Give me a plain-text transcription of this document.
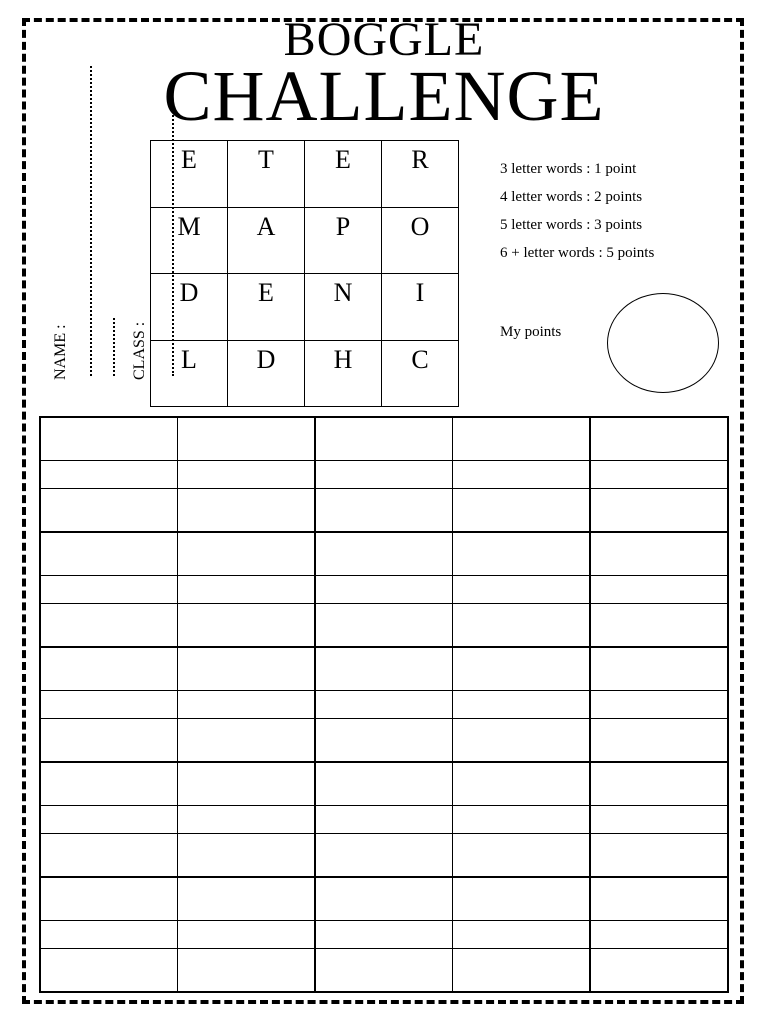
BOGGLE
CHALLENGE
NAME :	CLASS :
E	T	E	R
M	A	P	O
D	E	N	I
L	D	H	C
3 letter words : 1 point
4 letter words : 2 points
5 letter words : 3 points
6 + letter words : 5 points
My points
